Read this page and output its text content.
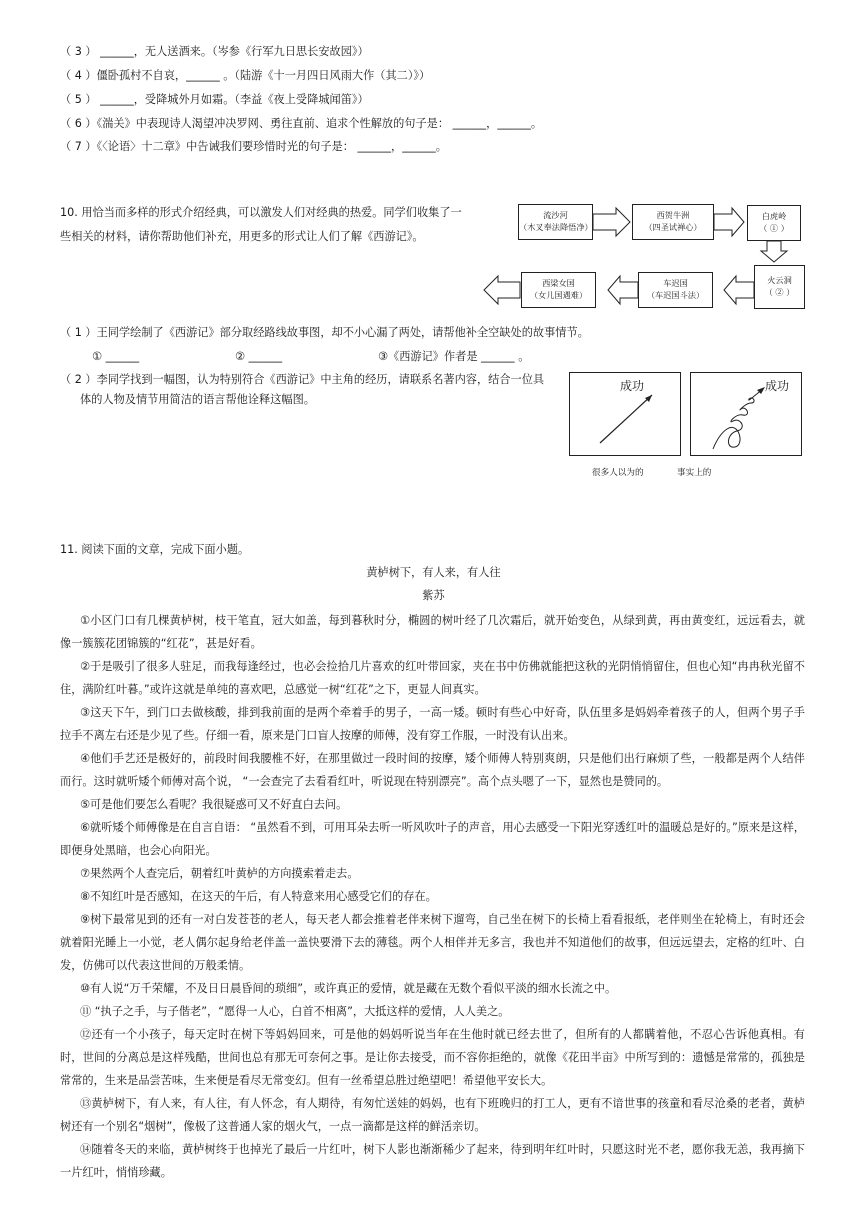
（ 3 ） ______，无人送酒来。（岑参《行军九日思长安故园》）
（ 4 ）僵卧孤村不自哀，______ 。（陆游《十一月四日风雨大作（其二）》）
（ 5 ） ______，受降城外月如霜。（李益《夜上受降城闻笛》）
（ 6 ）《湍关》中表现诗人渴望冲决罗网、勇往直前、追求个性解放的句子是： ______，______。
（ 7 ）《〈论语〉十二章》中告诫我们要珍惜时光的句子是： ______，______。
10. 用恰当而多样的形式介绍经典，可以激发人们对经典的热爱。同学们收集了一
些相关的材料，请你帮助他们补充，用更多的形式让人们了解《西游记》。
流沙河
（木叉奉法降悟净）
西贺牛洲
（四圣试禅心）
白虎岭
（ ① ）
火云洞
（ ② ）
车迟国
（车迟国斗法）
西梁女国
（女儿国遇难）
（ 1 ）王同学绘制了《西游记》部分取经路线故事图，却不小心漏了两处，请帮他补全空缺处的故事情节。
① ______	② ______	③《西游记》作者是 ______ 。
（ 2 ）李同学找到一幅图，认为特别符合《西游记》中主角的经历，请联系名著内容，结合一位具
体的人物及情节用简洁的语言帮他诠释这幅图。
成功	成功
很多人以为的	事实上的
11. 阅读下面的文章，完成下面小题。
黄栌树下，有人来，有人往
紫苏
①小区门口有几棵黄栌树，枝干笔直，冠大如盖，每到暮秋时分，椭圆的树叶经了几次霜后，就开始变色，从绿到黄，再由黄变红，远远看去，就像一簇簇花团锦簇的“红花”，甚是好看。
②于是吸引了很多人驻足，而我每逢经过，也必会捡拾几片喜欢的红叶带回家，夹在书中仿佛就能把这秋的光阴悄悄留住，但也心知“冉冉秋光留不住，满阶红叶暮。”或许这就是单纯的喜欢吧，总感觉一树“红花”之下，更显人间真实。
③这天下午，到门口去做核酸，排到我前面的是两个牵着手的男子，一高一矮。顿时有些心中好奇，队伍里多是妈妈牵着孩子的人，但两个男子手拉手不离左右还是少见了些。仔细一看，原来是门口盲人按摩的师傅，没有穿工作服，一时没有认出来。
④他们手艺还是极好的，前段时间我腰椎不好，在那里做过一段时间的按摩，矮个师傅人特别爽朗，只是他们出行麻烦了些，一般都是两个人结伴而行。这时就听矮个师傅对高个说， “一会查完了去看看红叶，听说现在特别漂亮”。高个点头嗯了一下，显然也是赞同的。
⑤可是他们要怎么看呢？我很疑惑可又不好直白去问。
⑥就听矮个师傅像是在自言自语： “虽然看不到，可用耳朵去听一听风吹叶子的声音，用心去感受一下阳光穿透红叶的温暖总是好的。”原来是这样，即便身处黑暗，也会心向阳光。
⑦果然两个人查完后，朝着红叶黄栌的方向摸索着走去。
⑧不知红叶是否感知，在这天的午后，有人特意来用心感受它们的存在。
⑨树下最常见到的还有一对白发苍苍的老人，每天老人都会推着老伴来树下遛弯，自己坐在树下的长椅上看看报纸，老伴则坐在轮椅上，有时还会就着阳光睡上一小觉，老人偶尔起身给老伴盖一盖快要滑下去的薄毯。两个人相伴并无多言，我也并不知道他们的故事，但远远望去，定格的红叶、白发，仿佛可以代表这世间的万般柔情。
⑩有人说“万千荣耀，不及日日晨昏间的琐细”，或许真正的爱情，就是藏在无数个看似平淡的细水长流之中。
⑪ “执子之手，与子偕老”，“愿得一人心，白首不相离”，大抵这样的爱情，人人美之。
⑫还有一个小孩子，每天定时在树下等妈妈回来，可是他的妈妈听说当年在生他时就已经去世了，但所有的人都瞒着他，不忍心告诉他真相。有时，世间的分离总是这样残酷，世间也总有那无可奈何之事。是让你去接受，而不容你拒绝的，就像《花田半亩》中所写到的：遗憾是常常的，孤独是常常的，生来是品尝苦味，生来便是看尽无常变幻。但有一丝希望总胜过绝望吧！希望他平安长大。
⑬黄栌树下，有人来，有人往，有人怀念，有人期待，有匆忙送娃的妈妈，也有下班晚归的打工人，更有不谙世事的孩童和看尽沧桑的老者，黄栌树还有一个别名“烟树”，像极了这普通人家的烟火气，一点一滴都是这样的鲜活亲切。
⑭随着冬天的来临，黄栌树终于也掉光了最后一片红叶，树下人影也渐渐稀少了起来，待到明年红叶时，只愿这时光不老，愿你我无恙，我再摘下一片红叶，悄悄珍藏。
